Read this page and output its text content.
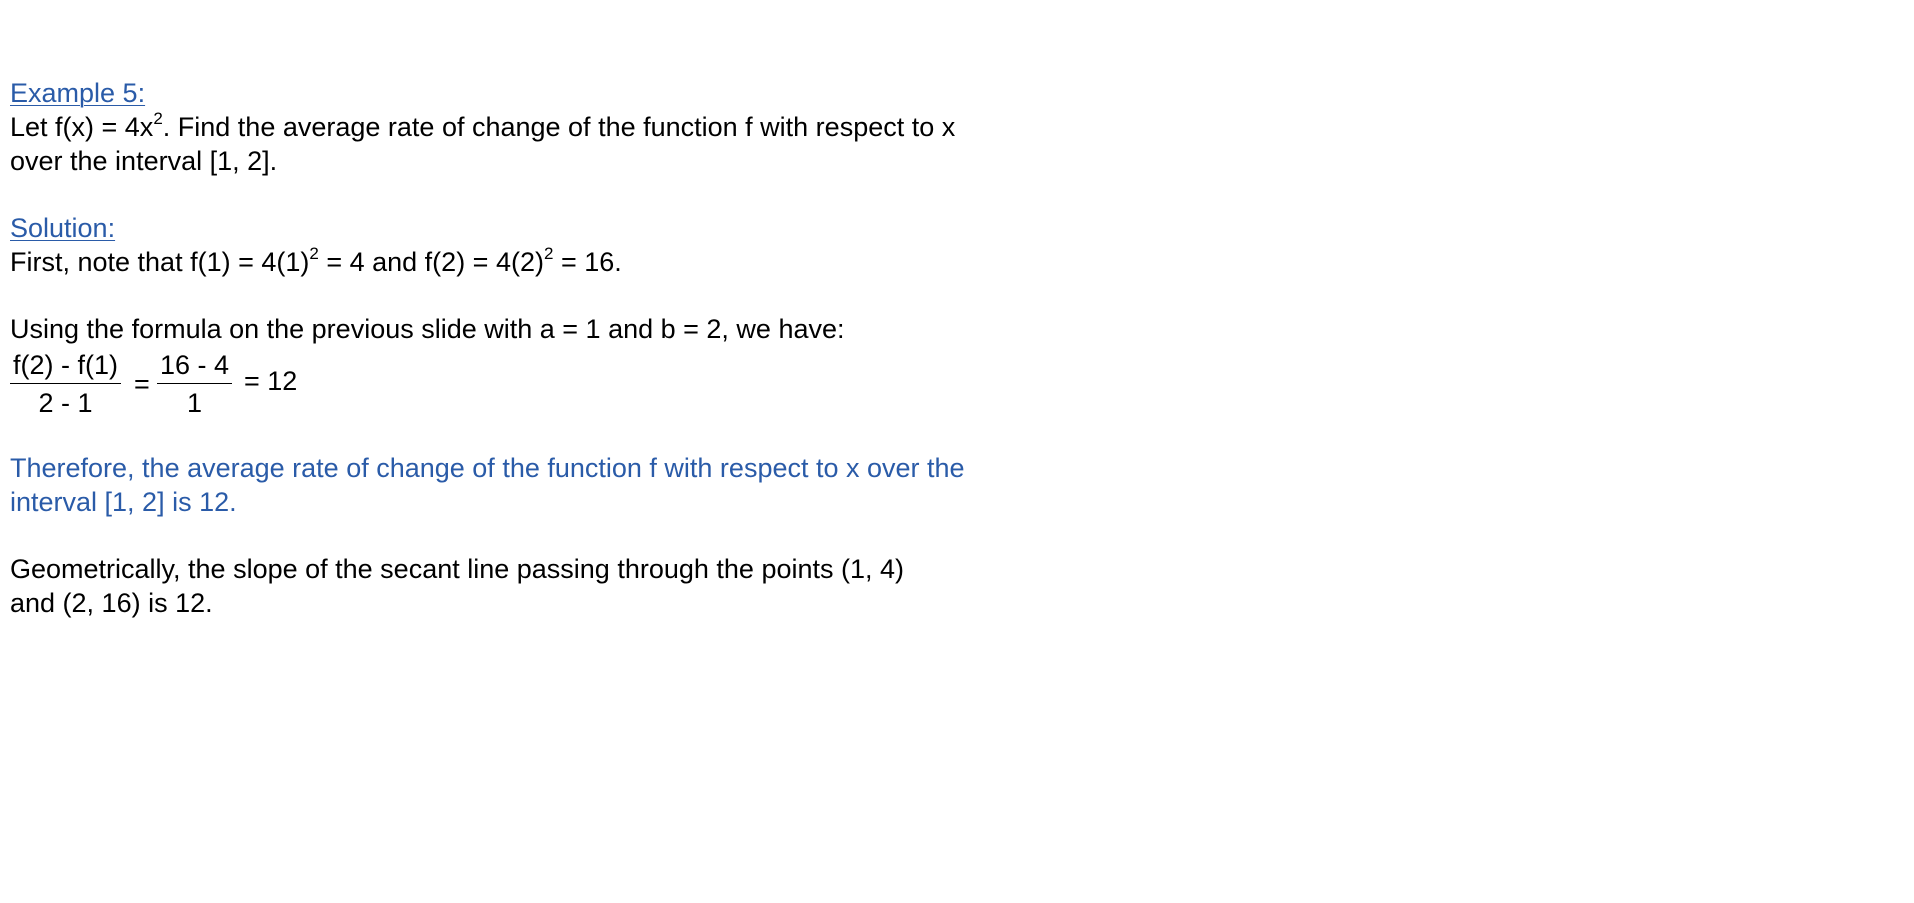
Example 5:
Let $f(x) = 4x^2$. Find the average rate of change of the function f with respect to x
over the interval [1, 2].
Solution:
First, note that $f(1) = 4(1)^2 = 4$ and $f(2) = 4(2)^2 = 16$.
Using the formula on the previous slide with a = 1 and b = 2, we have:
$\frac{f(2) - f(1)}{2 - 1} = \frac{16 - 4}{1} = 12$
Therefore, the average rate of change of the function f with respect to x over the
interval [1, 2] is 12.
Geometrically, the slope of the secant line passing through the points (1, 4)
and (2, 16) is 12.
